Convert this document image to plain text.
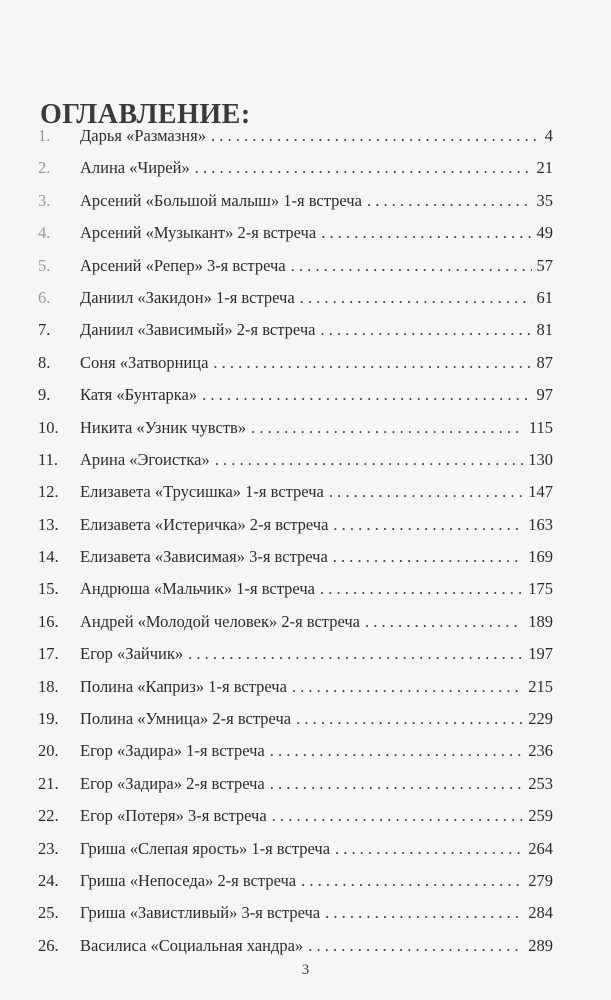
ОГЛАВЛЕНИЕ:
1.	Дарья «Размазня» . . .	4
2.	Алина «Чирей» . . .	21
3.	Арсений «Большой малыш» 1-я встреча . . .	35
4.	Арсений «Музыкант» 2-я встреча . . .	49
5.	Арсений «Репер» 3-я встреча . . .	57
6.	Даниил «Закидон» 1-я встреча . . .	61
7.	Даниил «Зависимый» 2-я встреча . . .	81
8.	Соня «Затворница . . .	87
9.	Катя «Бунтарка» . . .	97
10.	Никита «Узник чувств» . . .	115
11.	Арина «Эгоистка» . . .	130
12.	Елизавета «Трусишка» 1-я встреча . . .	147
13.	Елизавета «Истеричка» 2-я встреча . . .	163
14.	Елизавета «Зависимая» 3-я встреча . . .	169
15.	Андрюша «Мальчик» 1-я встреча . . .	175
16.	Андрей «Молодой человек» 2-я встреча . . .	189
17.	Егор «Зайчик» . . .	197
18.	Полина «Каприз» 1-я встреча . . .	215
19.	Полина «Умница» 2-я встреча . . .	229
20.	Егор «Задира» 1-я встреча . . .	236
21.	Егор «Задира» 2-я встреча . . .	253
22.	Егор «Потеря» 3-я встреча . . .	259
23.	Гриша «Слепая ярость» 1-я встреча . . .	264
24.	Гриша «Непоседа» 2-я встреча . . .	279
25.	Гриша «Завистливый» 3-я встреча . . .	284
26.	Василиса «Социальная хандра» . . .	289
3
